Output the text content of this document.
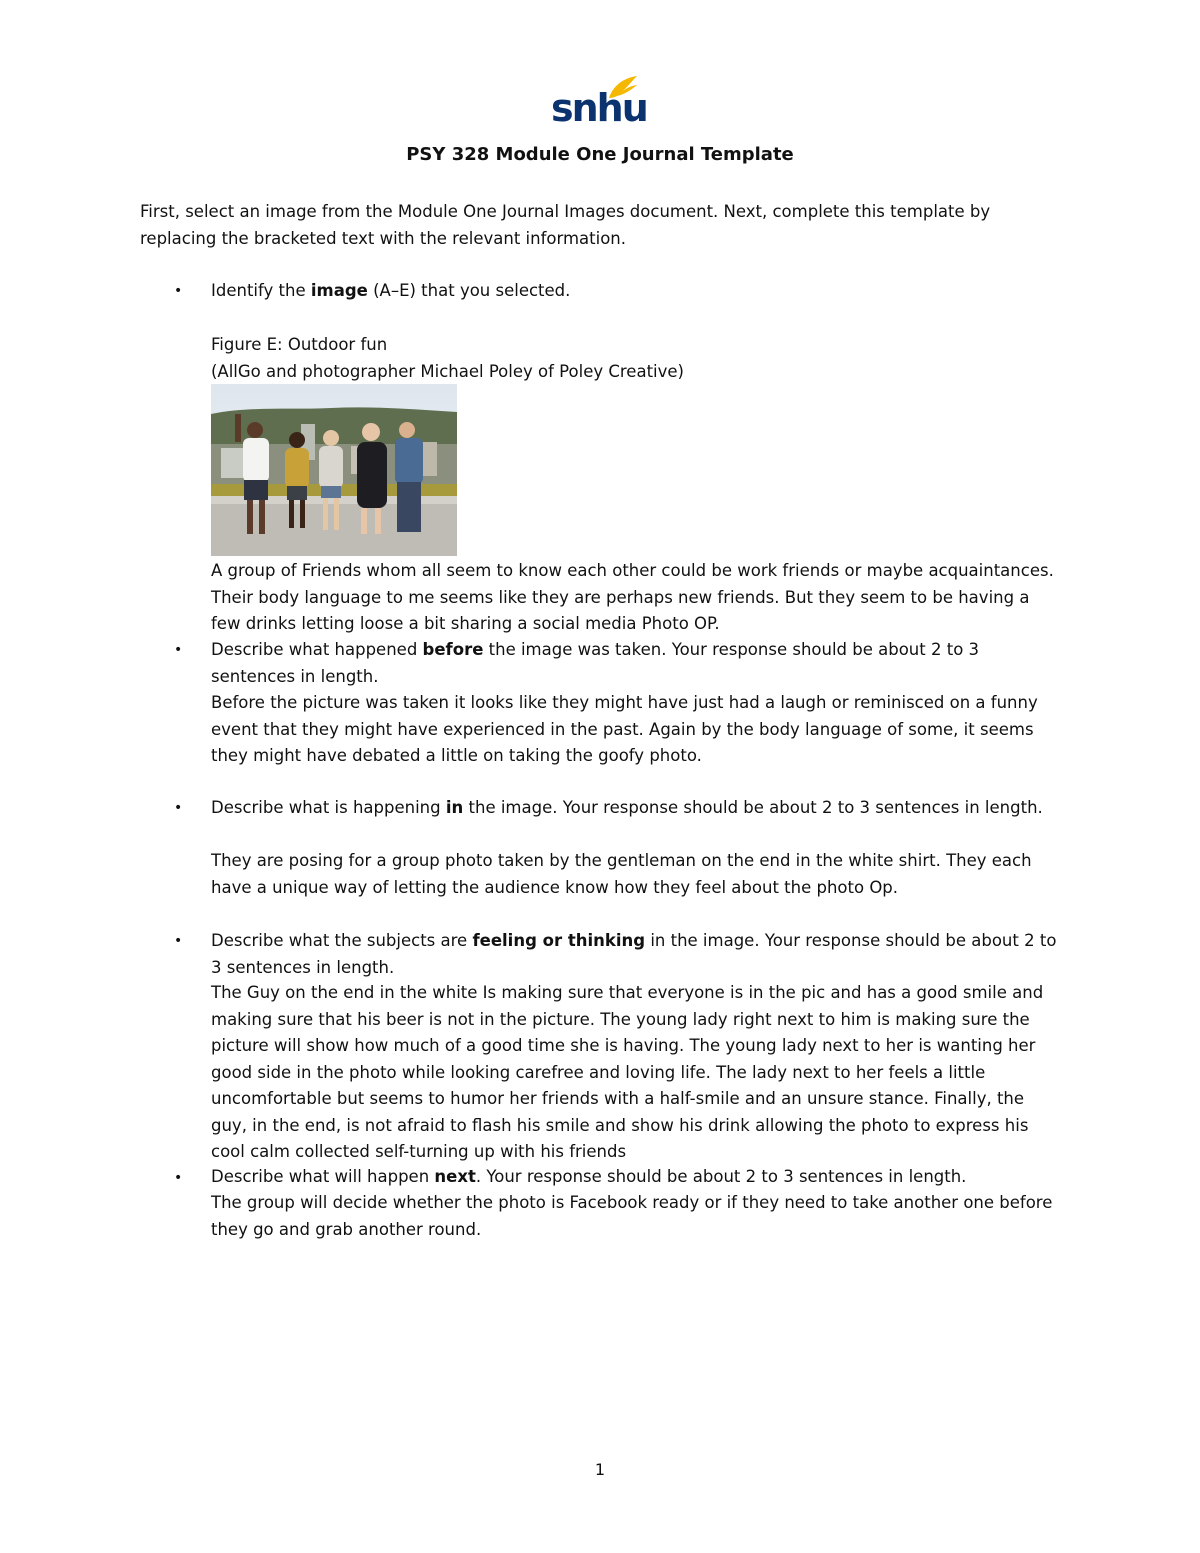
snhu
PSY 328 Module One Journal Template

First, select an image from the Module One Journal Images document. Next, complete this template by replacing the bracketed text with the relevant information.

• Identify the image (A–E) that you selected.

Figure E: Outdoor fun

(AllGo and photographer Michael Poley of Poley Creative)

A group of Friends whom all seem to know each other could be work friends or maybe acquaintances. Their body language to me seems like they are perhaps new friends. But they seem to be having a few drinks letting loose a bit sharing a social media Photo OP.

• Describe what happened before the image was taken. Your response should be about 2 to 3 sentences in length.

Before the picture was taken it looks like they might have just had a laugh or reminisced on a funny event that they might have experienced in the past. Again by the body language of some, it seems they might have debated a little on taking the goofy photo.

• Describe what is happening in the image. Your response should be about 2 to 3 sentences in length.

They are posing for a group photo taken by the gentleman on the end in the white shirt. They each have a unique way of letting the audience know how they feel about the photo Op.

• Describe what the subjects are feeling or thinking in the image. Your response should be about 2 to 3 sentences in length.

The Guy on the end in the white Is making sure that everyone is in the pic and has a good smile and making sure that his beer is not in the picture. The young lady right next to him is making sure the picture will show how much of a good time she is having. The young lady next to her is wanting her good side in the photo while looking carefree and loving life. The lady next to her feels a little uncomfortable but seems to humor her friends with a half-smile and an unsure stance. Finally, the guy, in the end, is not afraid to flash his smile and show his drink allowing the photo to express his cool calm collected self-turning up with his friends

• Describe what will happen next. Your response should be about 2 to 3 sentences in length.

The group will decide whether the photo is Facebook ready or if they need to take another one before they go and grab another round.

1
